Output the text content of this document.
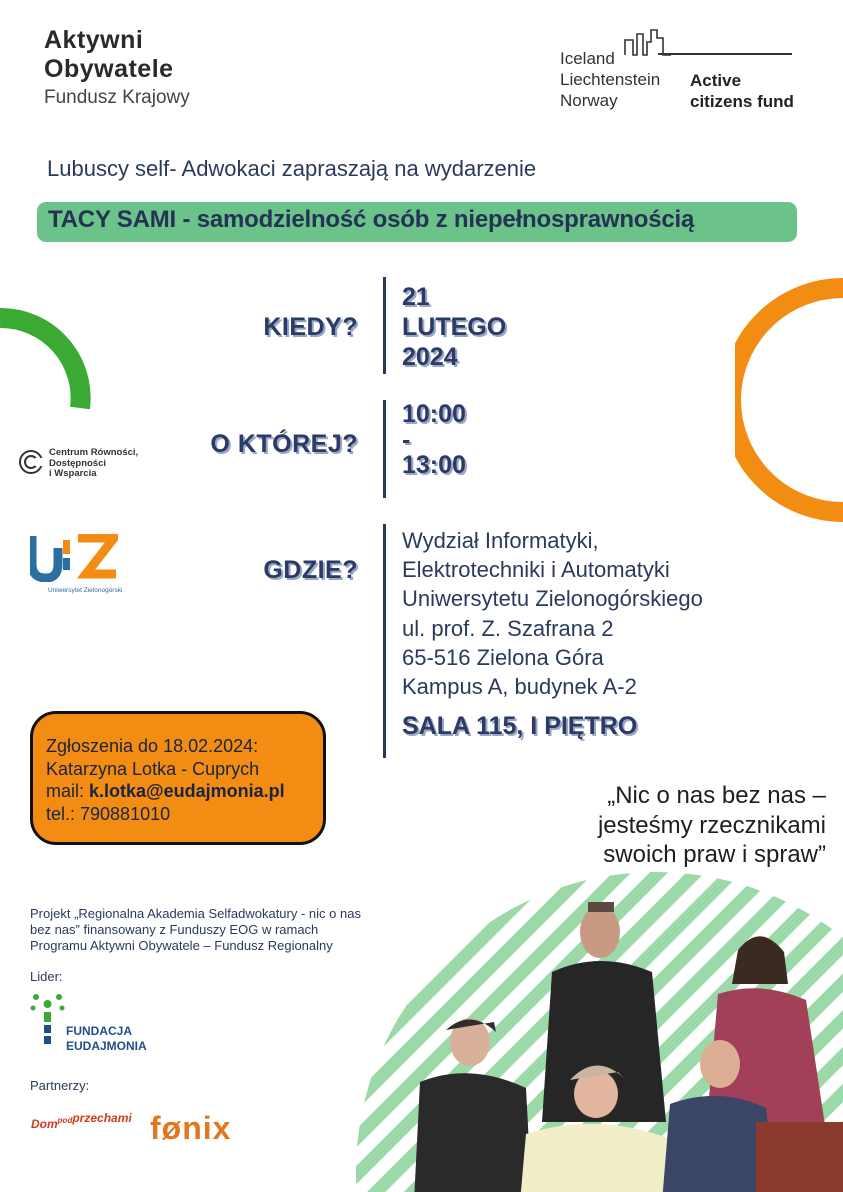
Aktywni
Obywatele
Fundusz Krajowy
Iceland
Liechtenstein
Norway
Active
citizens fund
Lubuscy self- Adwokaci zapraszają na wydarzenie
TACY SAMI - samodzielność osób z niepełnosprawnością
KIEDY?
21
LUTEGO
2024
O KTÓREJ?
10:00
-
13:00
Centrum Równości,
Dostępności
i Wsparcia
Uniwersytet Zielonogórski
GDZIE?
Wydział Informatyki,
Elektrotechniki i Automatyki
Uniwersytetu Zielonogórskiego
ul. prof. Z. Szafrana 2
65-516 Zielona Góra
Kampus A, budynek A-2
SALA 115, I PIĘTRO
Zgłoszenia do 18.02.2024:
Katarzyna Lotka - Cuprych
mail: k.lotka@eudajmonia.pl
tel.: 790881010
„Nic o nas bez nas –
jesteśmy rzecznikami
swoich praw i spraw”
Projekt „Regionalna Akademia Selfadwokatury - nic o nas
bez nas” finansowany z Funduszy EOG w ramach
Programu Aktywni Obywatele – Fundusz Regionalny
Lider:
FUNDACJA
EUDAJMONIA
Partnerzy:
Dom$^{pod}$przechami fønix
